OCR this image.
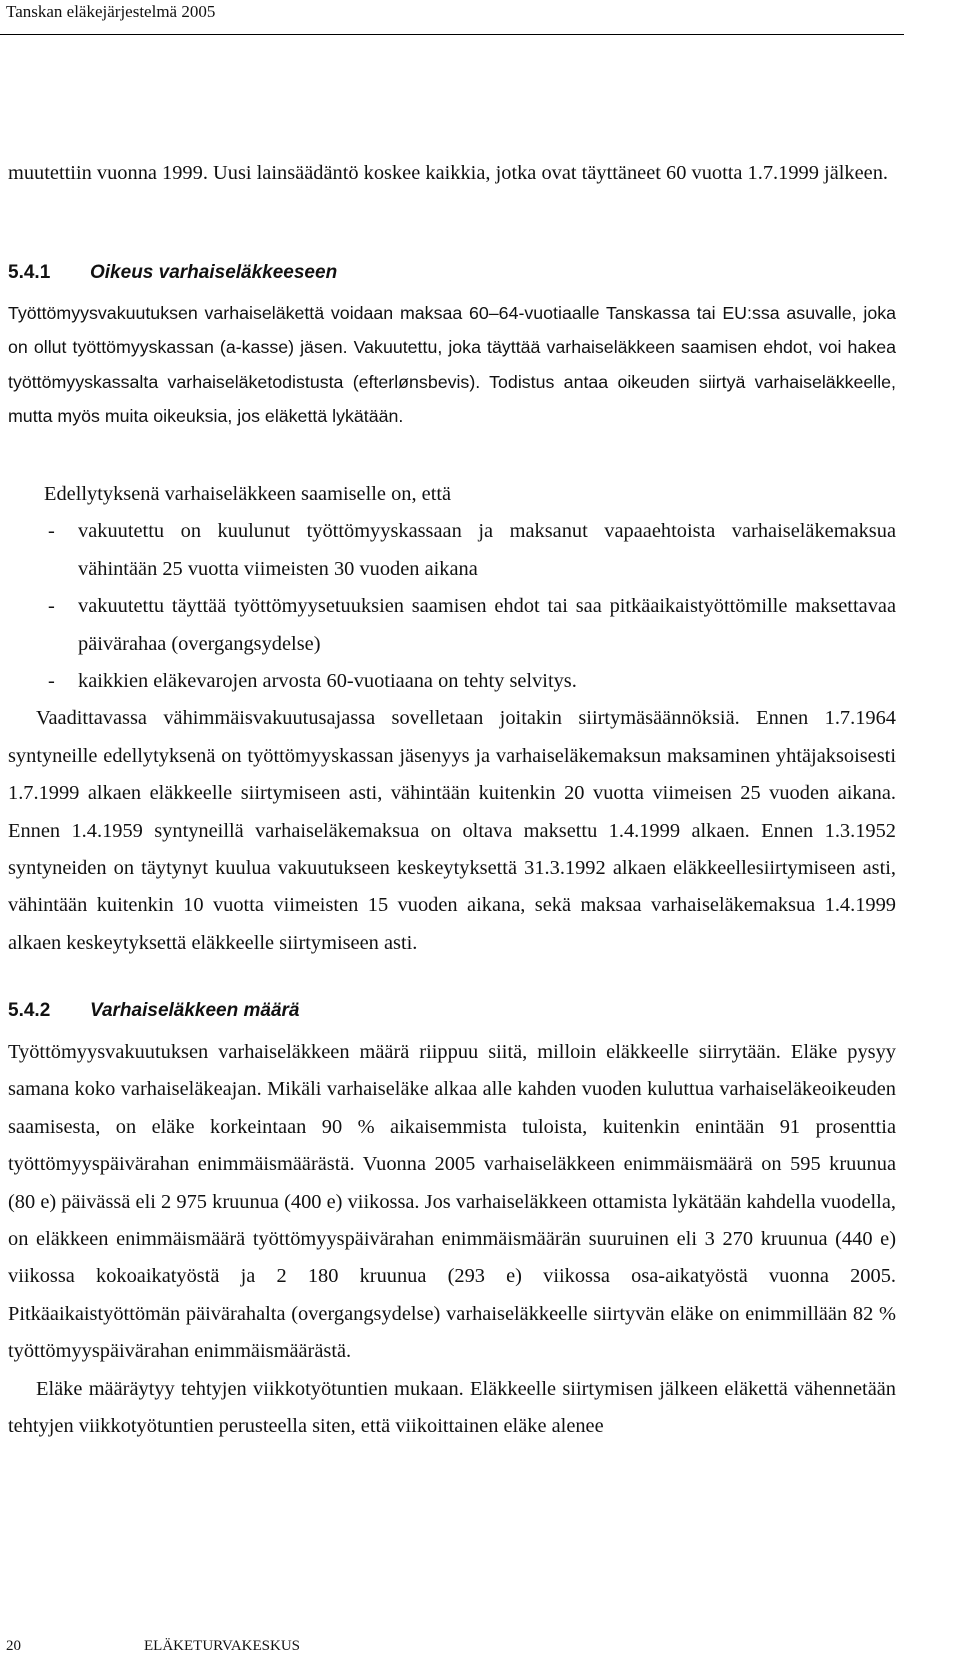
Tanskan eläkejärjestelmä 2005

muutettiin vuonna 1999. Uusi lainsäädäntö koskee kaikkia, jotka ovat täyttäneet 60 vuotta 1.7.1999 jälkeen.

5.4.1 Oikeus varhaiseläkkeeseen

Työttömyysvakuutuksen varhaiseläkettä voidaan maksaa 60–64-vuotiaalle Tanskassa tai EU:ssa asuvalle, joka on ollut työttömyyskassan (a-kasse) jäsen. Vakuutettu, joka täyttää varhaiseläkkeen saamisen ehdot, voi hakea työttömyyskassalta varhaiseläketodistusta (efterlønsbevis). Todistus antaa oikeuden siirtyä varhaiseläkkeelle, mutta myös muita oikeuksia, jos eläkettä lykätään.

Edellytyksenä varhaiseläkkeen saamiselle on, että

- vakuutettu on kuulunut työttömyyskassaan ja maksanut vapaaehtoista varhaiseläkemaksua vähintään 25 vuotta viimeisten 30 vuoden aikana
- vakuutettu täyttää työttömyysetuuksien saamisen ehdot tai saa pitkäaikaistyöttömille maksettavaa päivärahaa (overgangsydelse)
- kaikkien eläkevarojen arvosta 60-vuotiaana on tehty selvitys.

Vaadittavassa vähimmäisvakuutusajassa sovelletaan joitakin siirtymäsäännöksiä. Ennen 1.7.1964 syntyneille edellytyksenä on työttömyyskassan jäsenyys ja varhaiseläkemaksun maksaminen yhtäjaksoisesti 1.7.1999 alkaen eläkkeelle siirtymiseen asti, vähintään kuitenkin 20 vuotta viimeisen 25 vuoden aikana. Ennen 1.4.1959 syntyneillä varhaiseläkemaksua on oltava maksettu 1.4.1999 alkaen. Ennen 1.3.1952 syntyneiden on täytynyt kuulua vakuutukseen keskeytyksettä 31.3.1992 alkaen eläkkeellesiirtymiseen asti, vähintään kuitenkin 10 vuotta viimeisten 15 vuoden aikana, sekä maksaa varhaiseläkemaksua 1.4.1999 alkaen keskeytyksettä eläkkeelle siirtymiseen asti.

5.4.2 Varhaiseläkkeen määrä

Työttömyysvakuutuksen varhaiseläkkeen määrä riippuu siitä, milloin eläkkeelle siirrytään. Eläke pysyy samana koko varhaiseläkeajan. Mikäli varhaiseläke alkaa alle kahden vuoden kuluttua varhaiseläkeoikeuden saamisesta, on eläke korkeintaan 90 % aikaisemmista tuloista, kuitenkin enintään 91 prosenttia työttömyyspäivärahan enimmäismäärästä. Vuonna 2005 varhaiseläkkeen enimmäismäärä on 595 kruunua (80 e) päivässä eli 2 975 kruunua (400 e) viikossa. Jos varhaiseläkkeen ottamista lykätään kahdella vuodella, on eläkkeen enimmäismäärä työttömyyspäivärahan enimmäismäärän suuruinen eli 3 270 kruunua (440 e) viikossa kokoaikatyöstä ja 2 180 kruunua (293 e) viikossa osa-aikatyöstä vuonna 2005. Pitkäaikaistyöttömän päivärahalta (overgangsydelse) varhaiseläkkeelle siirtyvän eläke on enimmillään 82 % työttömyyspäivärahan enimmäismäärästä.

Eläke määräytyy tehtyjen viikkotyötuntien mukaan. Eläkkeelle siirtymisen jälkeen eläkettä vähennetään tehtyjen viikkotyötuntien perusteella siten, että viikoittainen eläke alenee

20	ELÄKETURVAKESKUS
